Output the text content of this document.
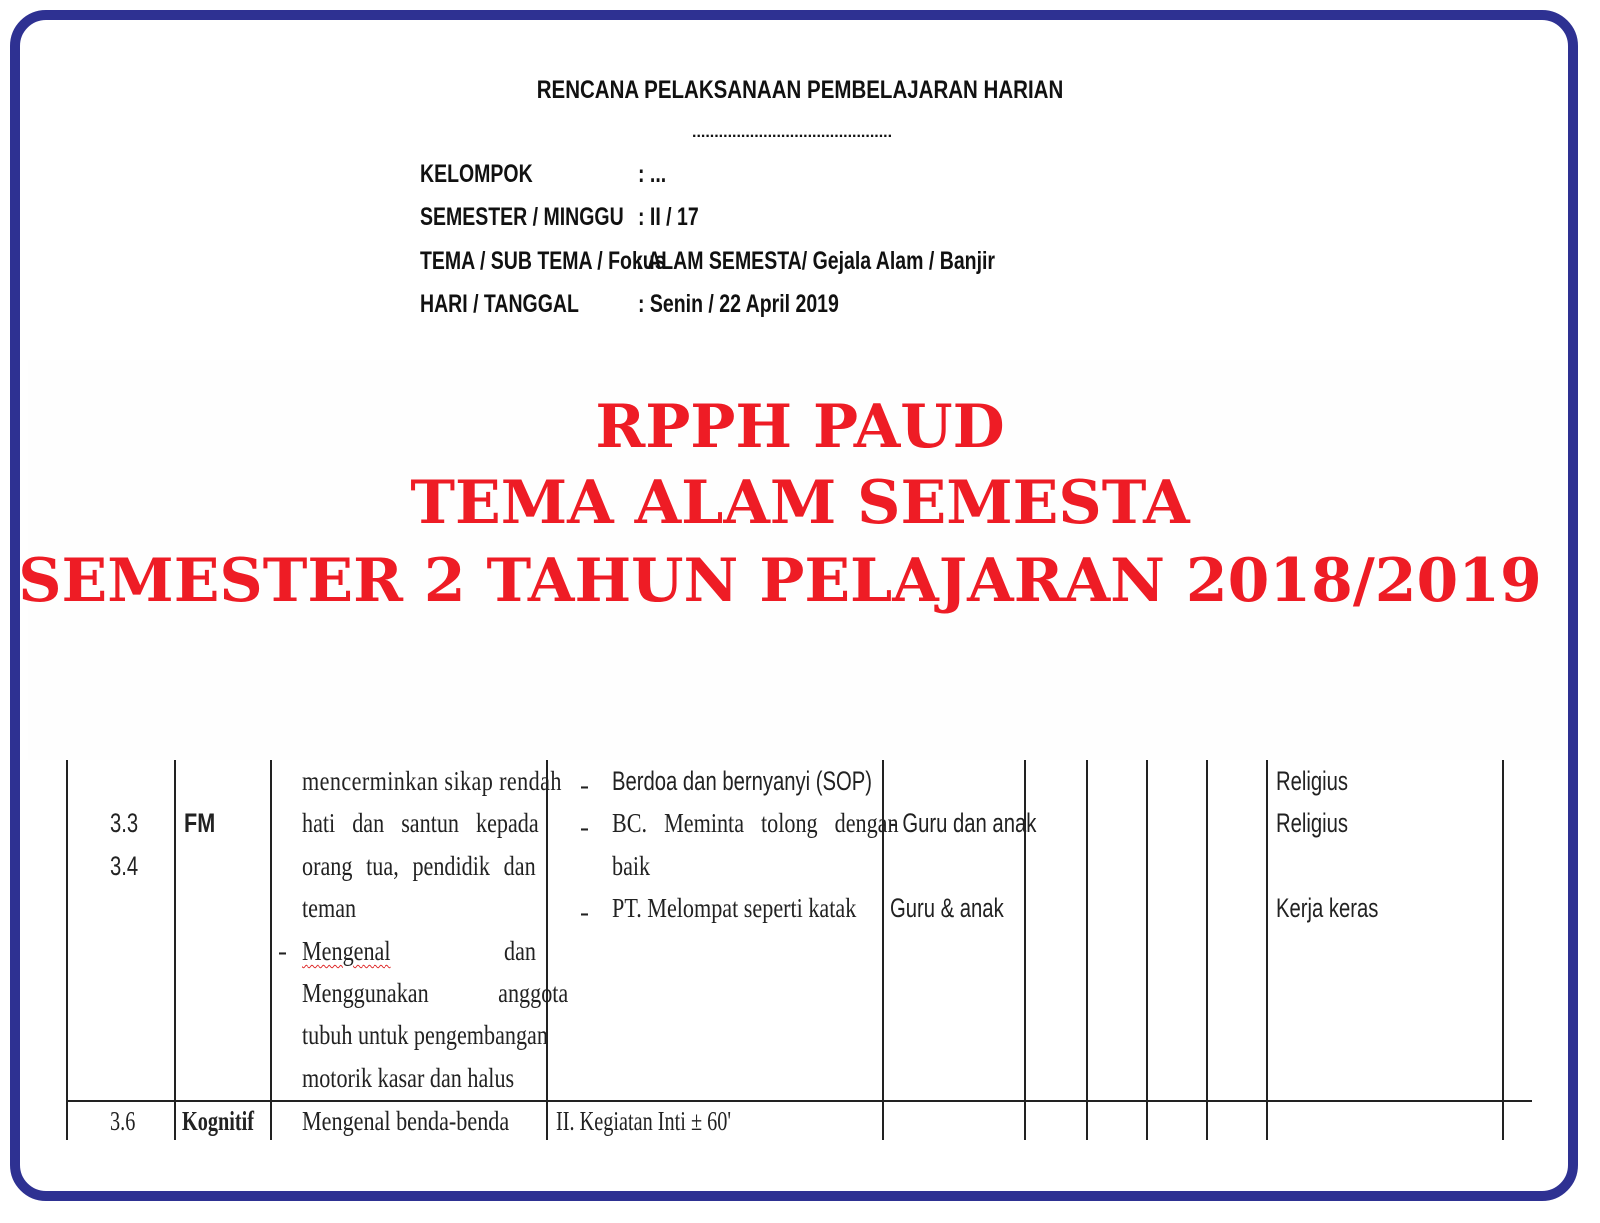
RENCANA PELAKSANAAN PEMBELAJARAN HARIAN
.............................................
KELOMPOK	: ...
SEMESTER / MINGGU : II / 17
TEMA / SUB TEMA / Fokus
: ALAM SEMESTA/ Gejala Alam / Banjir
HARI / TANGGAL : Senin / 22 April 2019
RPPH PAUD
TEMA ALAM SEMESTA
SEMESTER 2 TAHUN PELAJARAN 2018/2019
3.3
3.4
FM
mencerminkan sikap rendah
hati dan santun kepada
orang tua, pendidik dan
teman
- Mengenal	dan
Menggunakan anggota
tubuh untuk pengembangan
motorik kasar dan halus
- Berdoa dan bernyanyi (SOP)
- BC. Meminta tolong dengan
baik
- PT. Melompat seperti katak
- Guru dan anak
Guru & anak
Religius
Religius
Kerja keras
3.6 Kognitif Mengenal benda-benda II. Kegiatan Inti ± 60'
